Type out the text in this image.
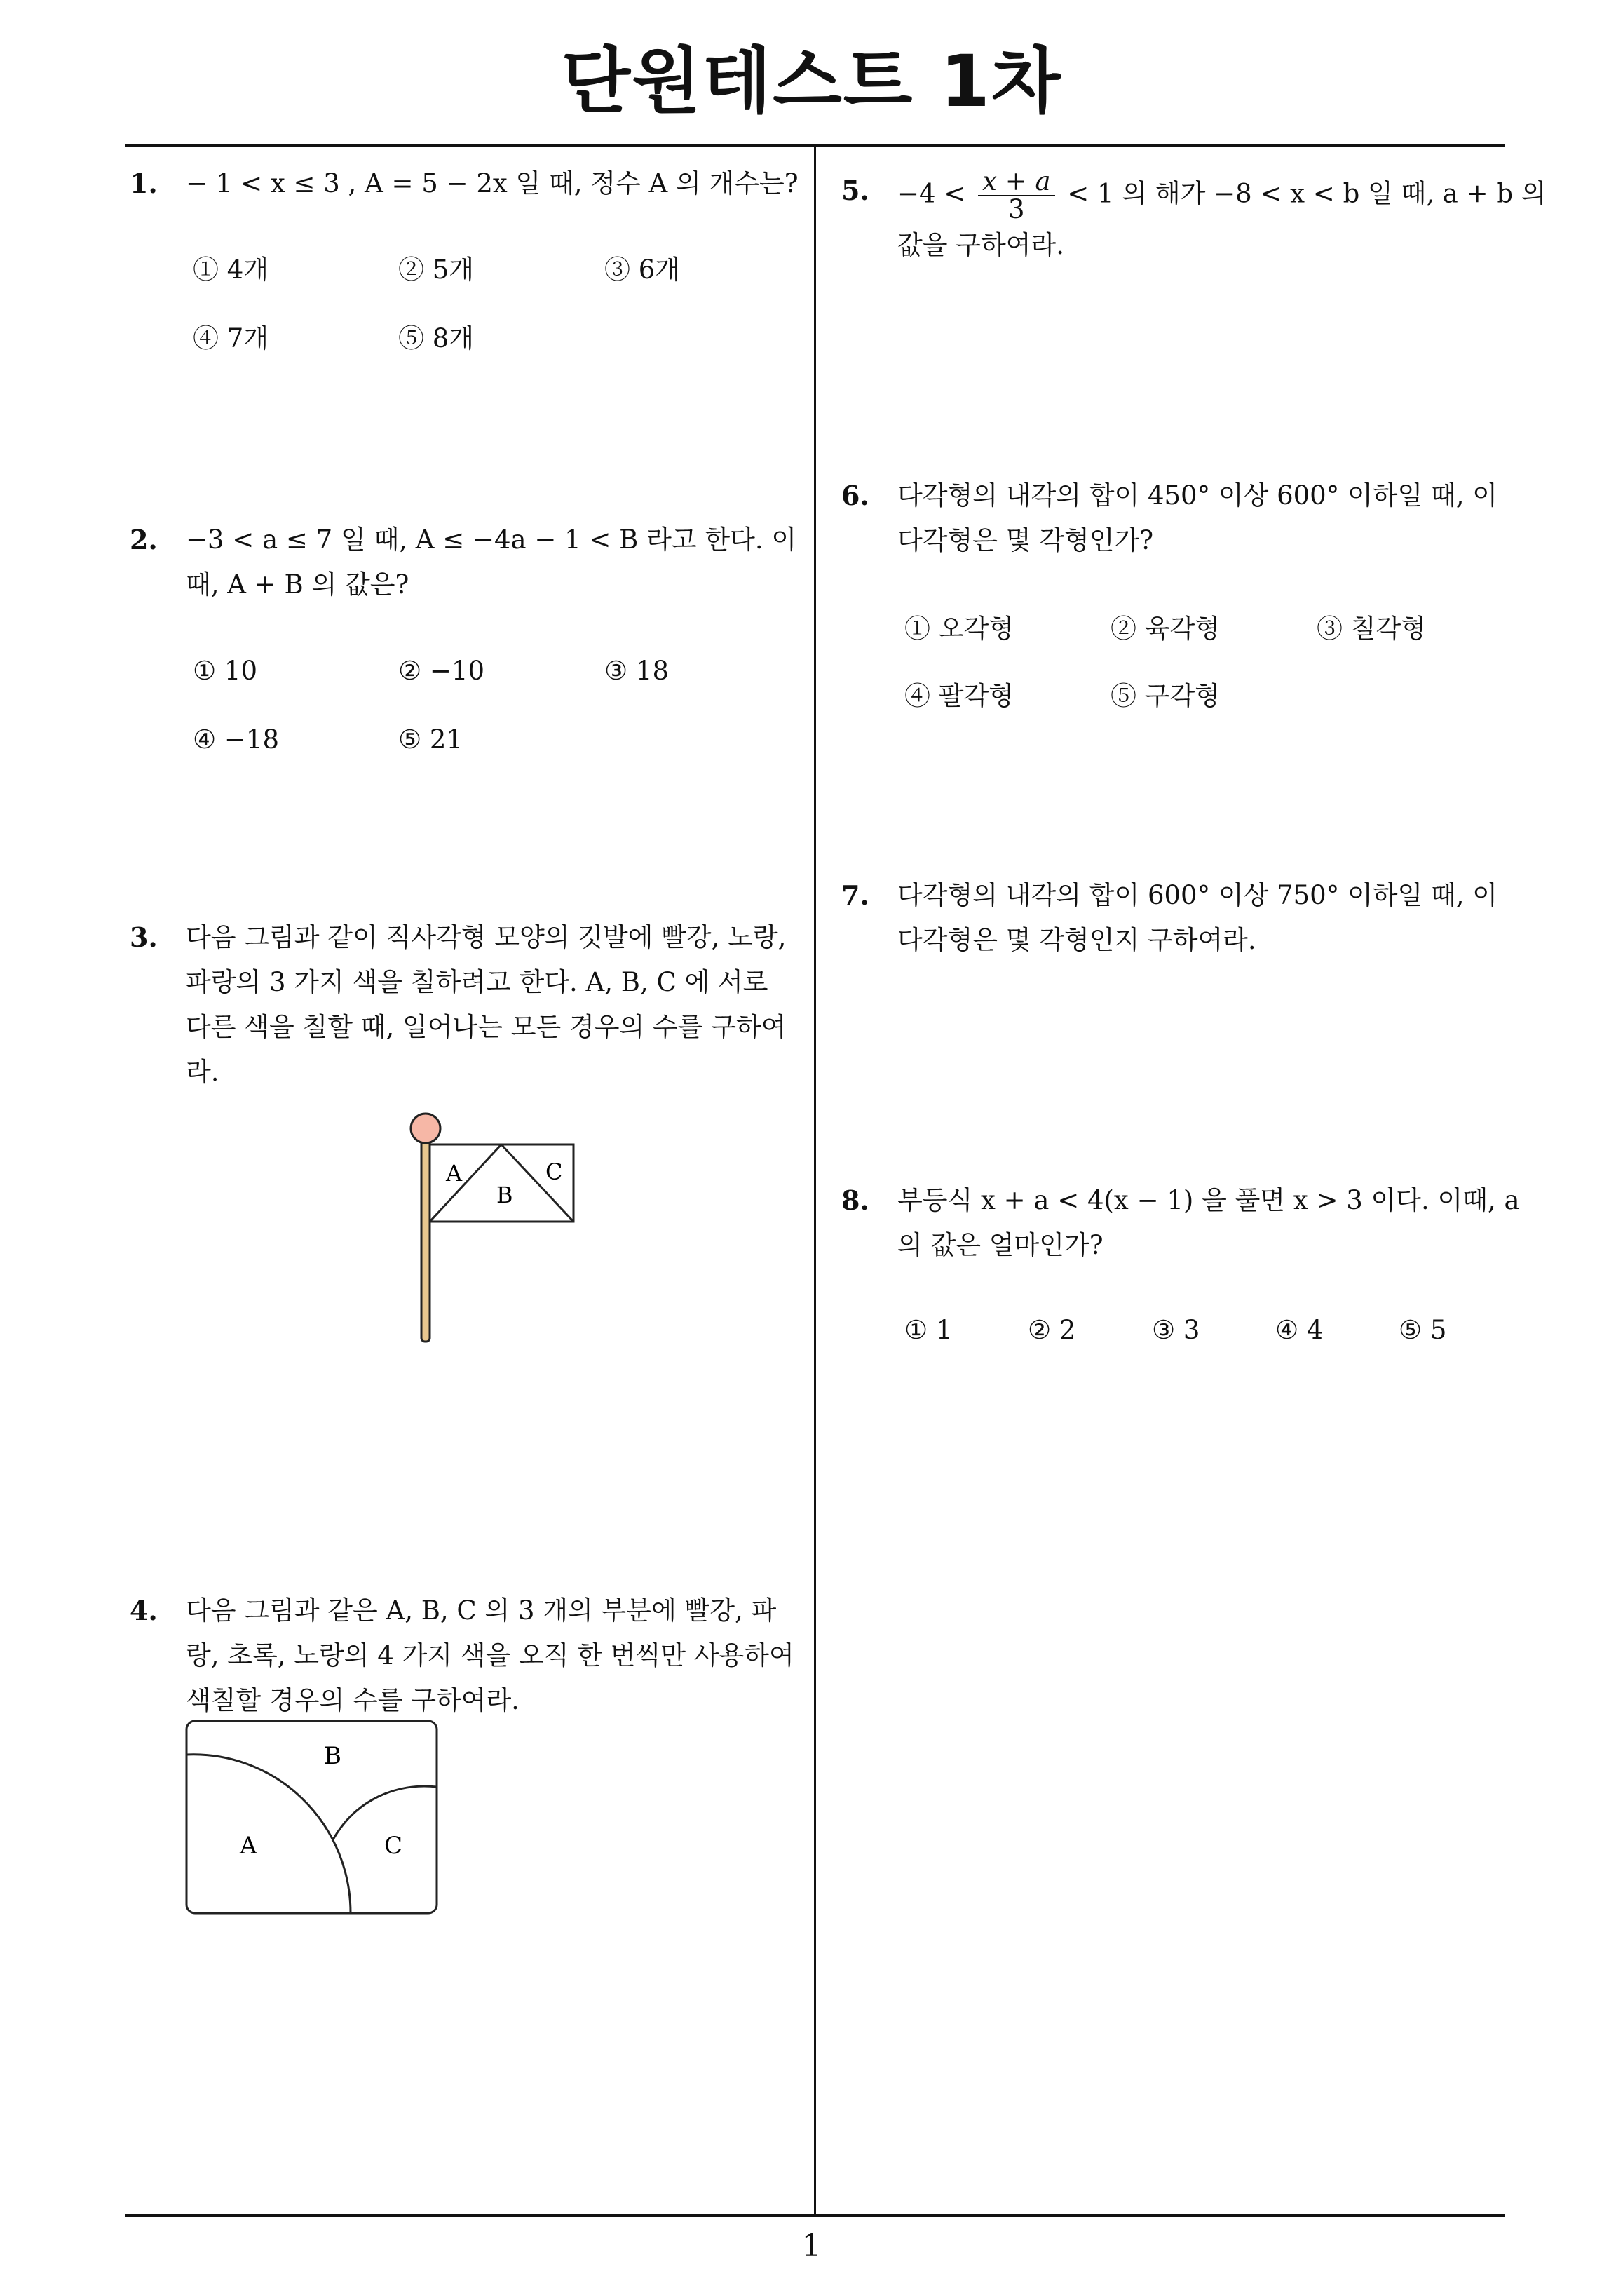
단원테스트 1차
1. − 1 < x ≤ 3 , A = 5 − 2x 일 때, 정수 A 의 개수는?
① 4개	② 5개	③ 6개
④ 7개	⑤ 8개
2. −3 < a ≤ 7 일 때, A ≤ −4a − 1 < B 라고 한다. 이
때, A + B 의 값은?
① 10	② −10	③ 18
④ −18	⑤ 21
3. 다음 그림과 같이 직사각형 모양의 깃발에 빨강, 노랑,
파랑의 3 가지 색을 칠하려고 한다. A, B, C 에 서로
다른 색을 칠할 때, 일어나는 모든 경우의 수를 구하여
라.
A
B
C
4. 다음 그림과 같은 A, B, C 의 3 개의 부분에 빨강, 파
랑, 초록, 노랑의 4 가지 색을 오직 한 번씩만 사용하여
색칠할 경우의 수를 구하여라.
A
B
C
5. $-4 < \frac{x + a}{3} < 1$ 의 해가 −8 < x < b 일 때, a + b 의
값을 구하여라.
6. 다각형의 내각의 합이 450° 이상 600° 이하일 때, 이
다각형은 몇 각형인가?
① 오각형	② 육각형	③ 칠각형
④ 팔각형	⑤ 구각형
7. 다각형의 내각의 합이 600° 이상 750° 이하일 때, 이
다각형은 몇 각형인지 구하여라.
8. 부등식 x + a < 4(x − 1) 을 풀면 x > 3 이다. 이때, a
의 값은 얼마인가?
① 1	② 2	③ 3	④ 4	⑤ 5
1
